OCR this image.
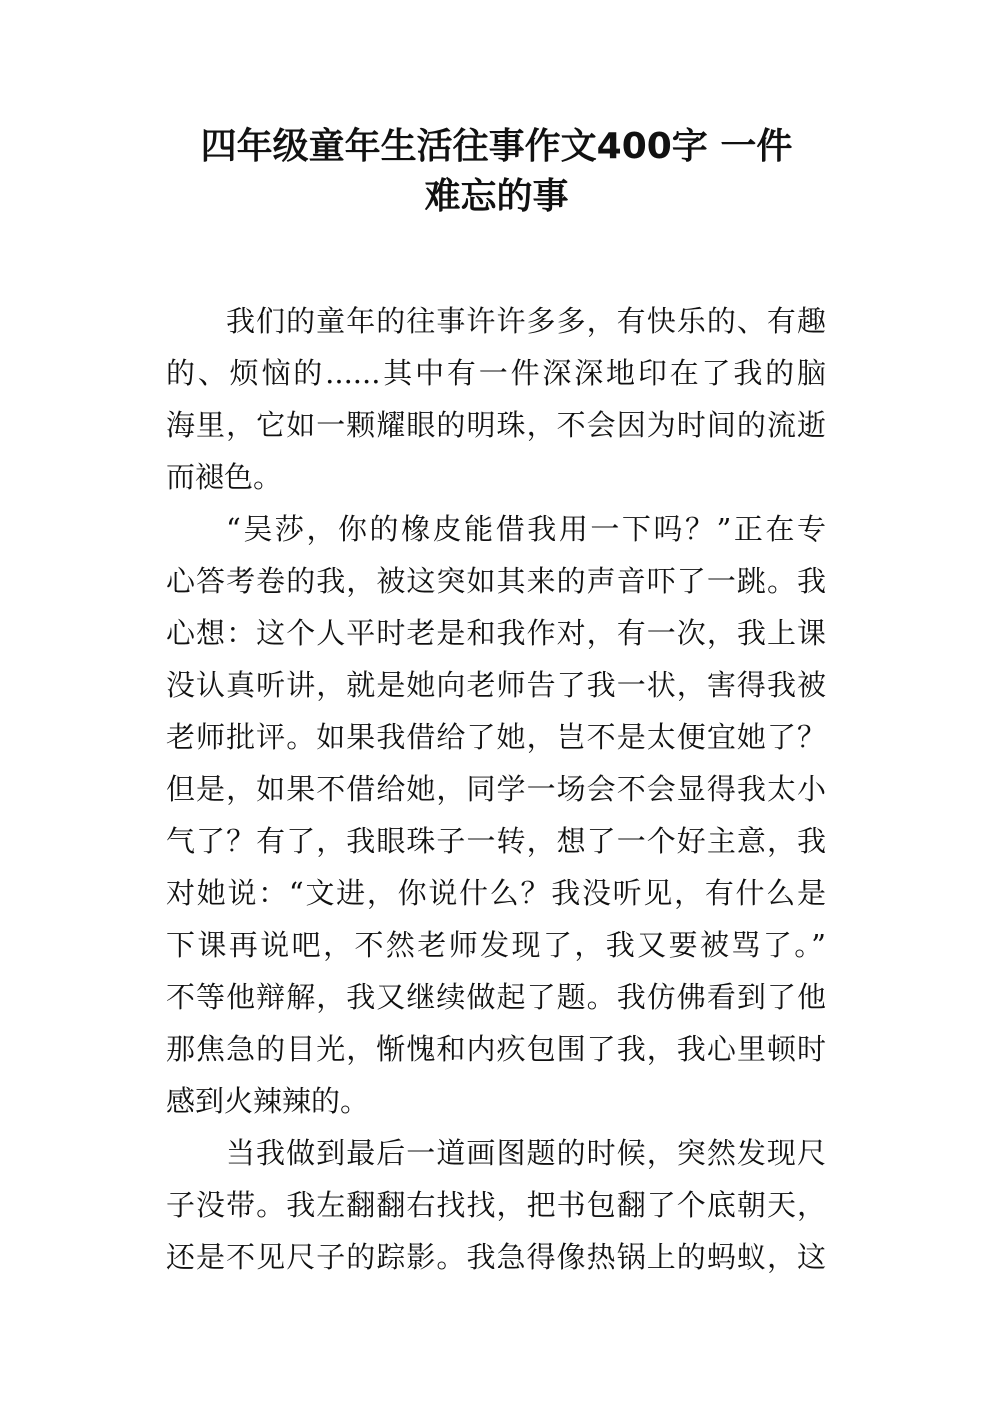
四年级童年生活往事作文400字 一件
难忘的事
我们的童年的往事许许多多，有快乐的、有趣
的、烦恼的......其中有一件深深地印在了我的脑
海里，它如一颗耀眼的明珠，不会因为时间的流逝
而褪色。
“吴莎，你的橡皮能借我用一下吗？”正在专
心答考卷的我，被这突如其来的声音吓了一跳。我
心想：这个人平时老是和我作对，有一次，我上课
没认真听讲，就是她向老师告了我一状，害得我被
老师批评。如果我借给了她，岂不是太便宜她了？
但是，如果不借给她，同学一场会不会显得我太小
气了？有了，我眼珠子一转，想了一个好主意，我
对她说：“文进，你说什么？我没听见，有什么是
下课再说吧，不然老师发现了，我又要被骂了。”
不等他辩解，我又继续做起了题。我仿佛看到了他
那焦急的目光，惭愧和内疚包围了我，我心里顿时
感到火辣辣的。
当我做到最后一道画图题的时候，突然发现尺
子没带。我左翻翻右找找，把书包翻了个底朝天，
还是不见尺子的踪影。我急得像热锅上的蚂蚁，这
